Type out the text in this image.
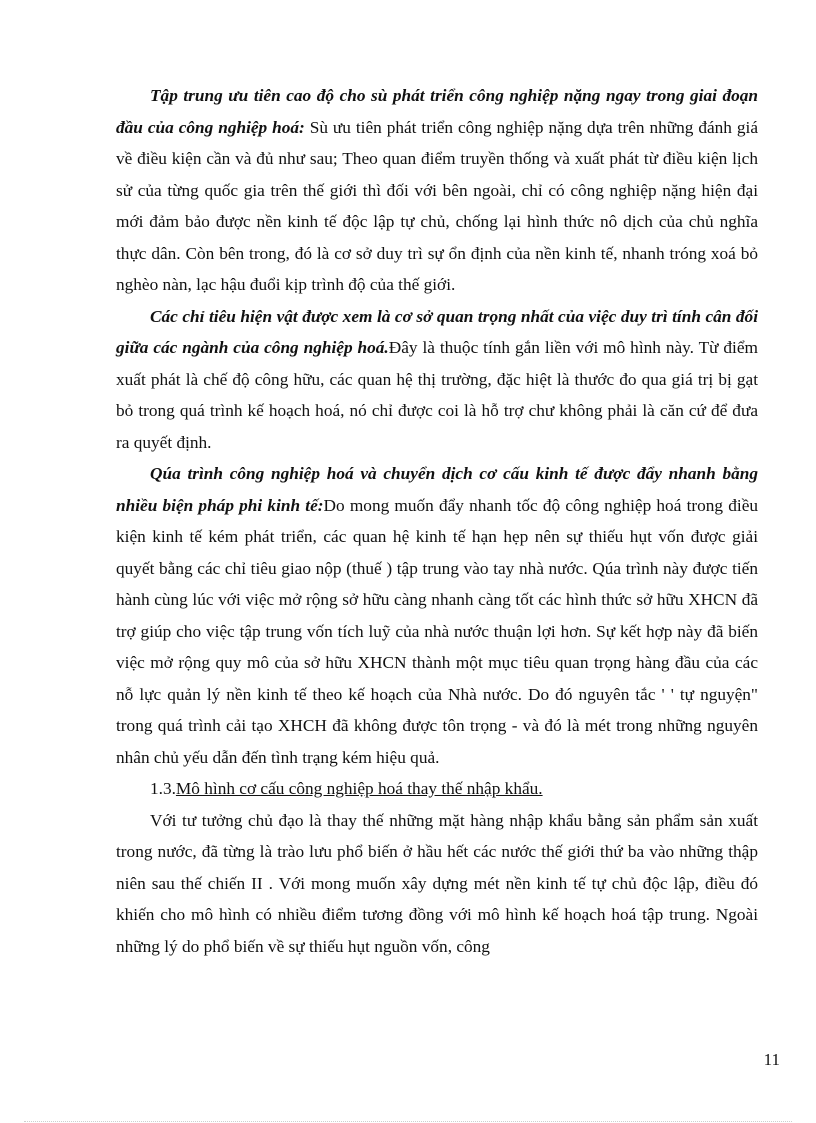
Tập trung ưu tiên cao độ cho sù phát triển công nghiệp nặng ngay trong giai đoạn đầu của công nghiệp hoá: Sù ưu tiên phát triển công nghiệp nặng dựa trên những đánh giá về điều kiện cần và đủ như sau; Theo quan điểm truyền thống và xuất phát từ điều kiện lịch sử của từng quốc gia trên thế giới thì đối với bên ngoài, chỉ có công nghiệp nặng hiện đại mới đảm bảo được nền kinh tế độc lập tự chủ, chống lại hình thức nô dịch của chủ nghĩa thực dân. Còn bên trong, đó là cơ sở duy trì sự ổn định của nền kinh tế, nhanh tróng xoá bỏ nghèo nàn, lạc hậu đuổi kịp trình độ của thế giới.

Các chỉ tiêu hiện vật được xem là cơ sở quan trọng nhất của việc duy trì tính cân đối giữa các ngành của công nghiệp hoá.Đây là thuộc tính gắn liền với mô hình này. Từ điểm xuất phát là chế độ công hữu, các quan hệ thị trường, đặc hiệt là thước đo qua giá trị bị gạt bỏ trong quá trình kế hoạch hoá, nó chỉ được coi là hỗ trợ chư không phải là căn cứ để đưa ra quyết định.

Qúa trình công nghiệp hoá và chuyển dịch cơ cấu kinh tế được đẩy nhanh bằng nhiều biện pháp phi kinh tế:Do mong muốn đẩy nhanh tốc độ công nghiệp hoá trong điều kiện kinh tế kém phát triển, các quan hệ kinh tế hạn hẹp nên sự thiếu hụt vốn được giải quyết bằng các chỉ tiêu giao nộp (thuế ) tập trung vào tay nhà nước. Qúa trình này được tiến hành cùng lúc với việc mở rộng sở hữu càng nhanh càng tốt các hình thức sở hữu XHCN đã trợ giúp cho việc tập trung vốn tích luỹ của nhà nước thuận lợi hơn. Sự kết hợp này đã biến việc mở rộng quy mô của sở hữu XHCN thành một mục tiêu quan trọng hàng đầu của các nỗ lực quản lý nền kinh tế theo kế hoạch của Nhà nước. Do đó nguyên tắc ' ' tự nguyện" trong quá trình cải tạo XHCH đã không được tôn trọng - và đó là mét trong những nguyên nhân chủ yếu dẫn đến tình trạng kém hiệu quả.

1.3.Mô hình cơ cấu công nghiệp hoá thay thế nhập khẩu.

Với tư tưởng chủ đạo là thay thế những mặt hàng nhập khẩu bằng sản phẩm sản xuất trong nước, đã từng là trào lưu phổ biến ở hầu hết các nước thế giới thứ ba vào những thập niên sau thế chiến II . Với mong muốn xây dựng mét nền kinh tế tự chủ độc lập, điều đó khiến cho mô hình có nhiều điểm tương đồng với mô hình kế hoạch hoá tập trung. Ngoài những lý do phổ biến về sự thiếu hụt nguồn vốn, công

11
